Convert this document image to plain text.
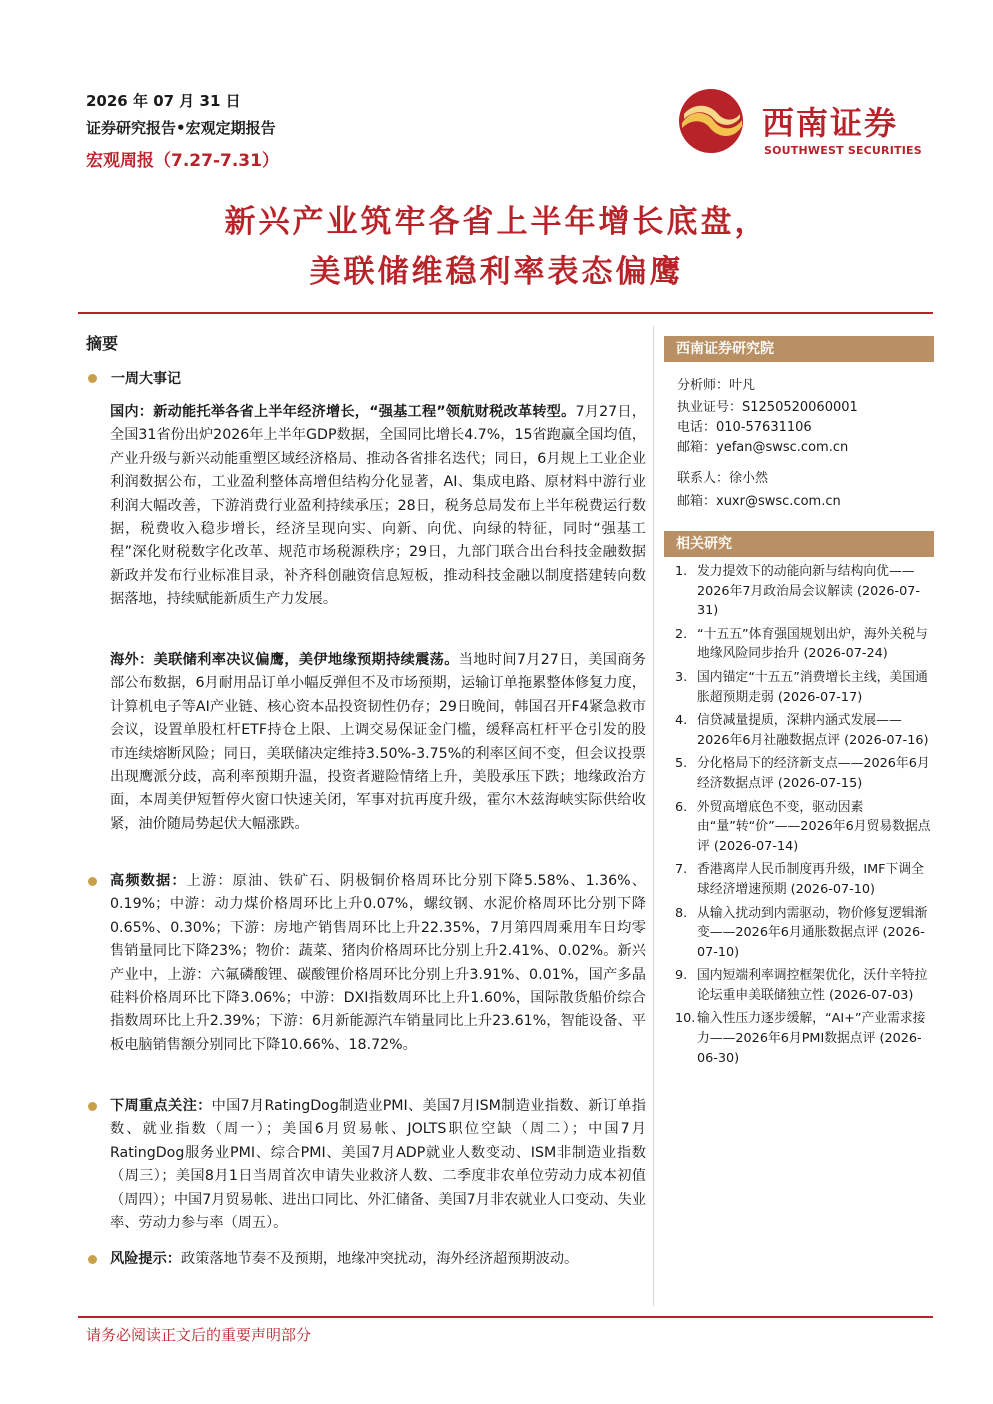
2026 年 07 月 31 日
证券研究报告•宏观定期报告
宏观周报（7.27-7.31）
西南证券
SOUTHWEST SECURITIES
新兴产业筑牢各省上半年增长底盘，
美联储维稳利率表态偏鹰
摘要
一周大事记
国内：新动能托举各省上半年经济增长，“强基工程”领航财税改革转型。7月27日，全国31省份出炉2026年上半年GDP数据，全国同比增长4.7%，15省跑赢全国均值，产业升级与新兴动能重塑区域经济格局、推动各省排名迭代；同日，6月规上工业企业利润数据公布，工业盈利整体高增但结构分化显著，AI、集成电路、原材料中游行业利润大幅改善，下游消费行业盈利持续承压；28日，税务总局发布上半年税费运行数据，税费收入稳步增长，经济呈现向实、向新、向优、向绿的特征，同时“强基工程”深化财税数字化改革、规范市场税源秩序；29日，九部门联合出台科技金融数据新政并发布行业标准目录，补齐科创融资信息短板，推动科技金融以制度搭建转向数据落地，持续赋能新质生产力发展。
海外：美联储利率决议偏鹰，美伊地缘预期持续震荡。当地时间7月27日，美国商务部公布数据，6月耐用品订单小幅反弹但不及市场预期，运输订单拖累整体修复力度，计算机电子等AI产业链、核心资本品投资韧性仍存；29日晚间，韩国召开F4紧急救市会议，设置单股杠杆ETF持仓上限、上调交易保证金门槛，缓释高杠杆平仓引发的股市连续熔断风险；同日，美联储决定维持3.50%-3.75%的利率区间不变，但会议投票出现鹰派分歧，高利率预期升温，投资者避险情绪上升，美股承压下跌；地缘政治方面，本周美伊短暂停火窗口快速关闭，军事对抗再度升级，霍尔木兹海峡实际供给收紧，油价随局势起伏大幅涨跌。
高频数据：上游：原油、铁矿石、阴极铜价格周环比分别下降5.58%、1.36%、0.19%；中游：动力煤价格周环比上升0.07%，螺纹钢、水泥价格周环比分别下降0.65%、0.30%；下游：房地产销售周环比上升22.35%，7月第四周乘用车日均零售销量同比下降23%；物价：蔬菜、猪肉价格周环比分别上升2.41%、0.02%。新兴产业中，上游：六氟磷酸锂、碳酸锂价格周环比分别上升3.91%、0.01%，国产多晶硅料价格周环比下降3.06%；中游：DXI指数周环比上升1.60%，国际散货船价综合指数周环比上升2.39%；下游：6月新能源汽车销量同比上升23.61%，智能设备、平板电脑销售额分别同比下降10.66%、18.72%。
下周重点关注：中国7月RatingDog制造业PMI、美国7月ISM制造业指数、新订单指数、就业指数（周一）；美国6月贸易帐、JOLTS职位空缺（周二）；中国7月RatingDog服务业PMI、综合PMI、美国7月ADP就业人数变动、ISM非制造业指数（周三）；美国8月1日当周首次申请失业救济人数、二季度非农单位劳动力成本初值（周四）；中国7月贸易帐、进出口同比、外汇储备、美国7月非农就业人口变动、失业率、劳动力参与率（周五）。
风险提示：政策落地节奏不及预期，地缘冲突扰动，海外经济超预期波动。
西南证券研究院
分析师：叶凡
执业证号：S1250520060001
电话：010-57631106
邮箱：yefan@swsc.com.cn
联系人：徐小然
邮箱：xuxr@swsc.com.cn
相关研究
1. 发力提效下的动能向新与结构向优——2026年7月政治局会议解读 (2026-07-31)
2. “十五五”体育强国规划出炉，海外关税与地缘风险同步抬升 (2026-07-24)
3. 国内锚定“十五五”消费增长主线，美国通胀超预期走弱 (2026-07-17)
4. 信贷减量提质，深耕内涵式发展——2026年6月社融数据点评 (2026-07-16)
5. 分化格局下的经济新支点——2026年6月经济数据点评 (2026-07-15)
6. 外贸高增底色不变，驱动因素由“量”转“价”——2026年6月贸易数据点评 (2026-07-14)
7. 香港离岸人民币制度再升级，IMF下调全球经济增速预期 (2026-07-10)
8. 从输入扰动到内需驱动，物价修复逻辑渐变——2026年6月通胀数据点评 (2026-07-10)
9. 国内短端利率调控框架优化，沃什辛特拉论坛重申美联储独立性 (2026-07-03)
10. 输入性压力逐步缓解，“AI+”产业需求接力——2026年6月PMI数据点评 (2026-06-30)
请务必阅读正文后的重要声明部分
